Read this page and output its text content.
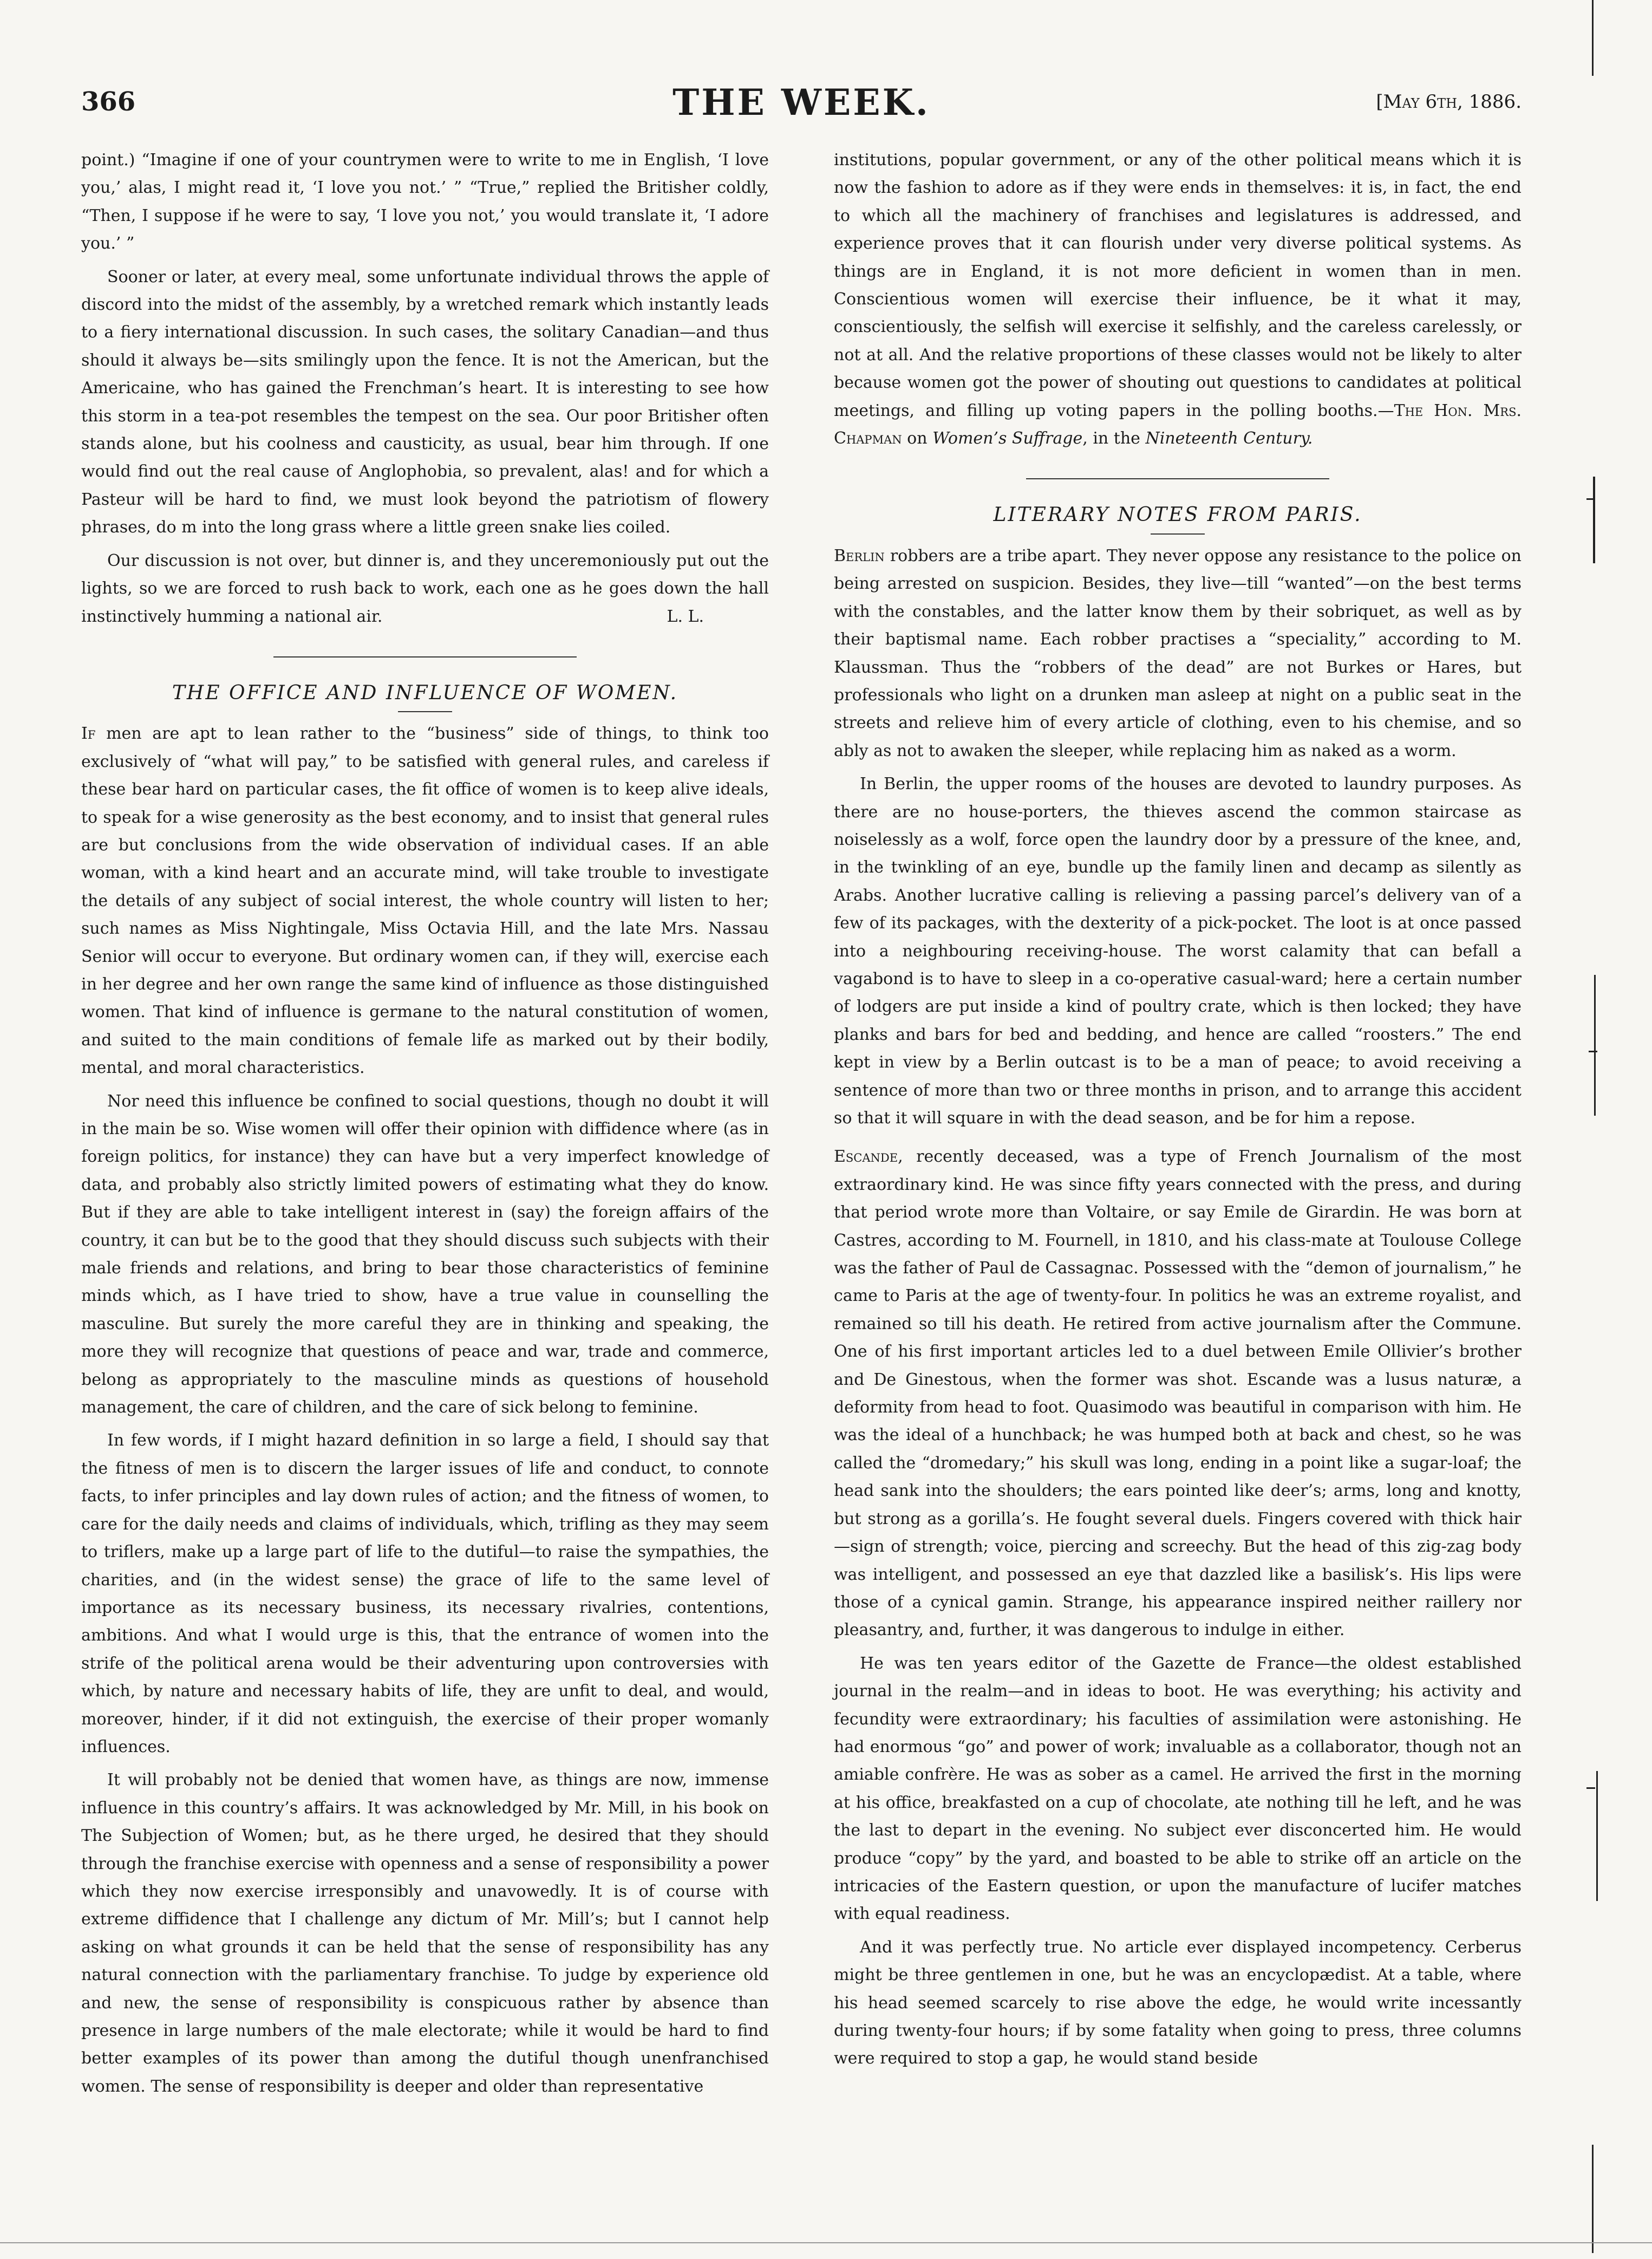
366	THE WEEK.	[May 6th, 1886.

point.) “Imagine if one of your countrymen were to write to me in English, ‘I love you,’ alas, I might read it, ‘I love you not.’ ” “True,” replied the Britisher coldly, “Then, I suppose if he were to say, ‘I love you not,’ you would translate it, ‘I adore you.’ ”

Sooner or later, at every meal, some unfortunate individual throws the apple of discord into the midst of the assembly, by a wretched remark which instantly leads to a fiery international discussion. In such cases, the solitary Canadian—and thus should it always be—sits smilingly upon the fence. It is not the American, but the Americaine, who has gained the Frenchman’s heart. It is interesting to see how this storm in a tea-pot resembles the tempest on the sea. Our poor Britisher often stands alone, but his coolness and causticity, as usual, bear him through. If one would find out the real cause of Anglophobia, so prevalent, alas! and for which a Pasteur will be hard to find, we must look beyond the patriotism of flowery phrases, do m into the long grass where a little green snake lies coiled.

Our discussion is not over, but dinner is, and they unceremoniously put out the lights, so we are forced to rush back to work, each one as he goes down the hall instinctively humming a national air.	L. L.

THE OFFICE AND INFLUENCE OF WOMEN.

If men are apt to lean rather to the “business” side of things, to think too exclusively of “what will pay,” to be satisfied with general rules, and careless if these bear hard on particular cases, the fit office of women is to keep alive ideals, to speak for a wise generosity as the best economy, and to insist that general rules are but conclusions from the wide observation of individual cases. If an able woman, with a kind heart and an accurate mind, will take trouble to investigate the details of any subject of social interest, the whole country will listen to her; such names as Miss Nightingale, Miss Octavia Hill, and the late Mrs. Nassau Senior will occur to everyone. But ordinary women can, if they will, exercise each in her degree and her own range the same kind of influence as those distinguished women. That kind of influence is germane to the natural constitution of women, and suited to the main conditions of female life as marked out by their bodily, mental, and moral characteristics.

Nor need this influence be confined to social questions, though no doubt it will in the main be so. Wise women will offer their opinion with diffidence where (as in foreign politics, for instance) they can have but a very imperfect knowledge of data, and probably also strictly limited powers of estimating what they do know. But if they are able to take intelligent interest in (say) the foreign affairs of the country, it can but be to the good that they should discuss such subjects with their male friends and relations, and bring to bear those characteristics of feminine minds which, as I have tried to show, have a true value in counselling the masculine. But surely the more careful they are in thinking and speaking, the more they will recognize that questions of peace and war, trade and commerce, belong as appropriately to the masculine minds as questions of household management, the care of children, and the care of sick belong to feminine.

In few words, if I might hazard definition in so large a field, I should say that the fitness of men is to discern the larger issues of life and conduct, to connote facts, to infer principles and lay down rules of action; and the fitness of women, to care for the daily needs and claims of individuals, which, trifling as they may seem to triflers, make up a large part of life to the dutiful—to raise the sympathies, the charities, and (in the widest sense) the grace of life to the same level of importance as its necessary business, its necessary rivalries, contentions, ambitions. And what I would urge is this, that the entrance of women into the strife of the political arena would be their adventuring upon controversies with which, by nature and necessary habits of life, they are unfit to deal, and would, moreover, hinder, if it did not extinguish, the exercise of their proper womanly influences.

It will probably not be denied that women have, as things are now, immense influence in this country’s affairs. It was acknowledged by Mr. Mill, in his book on The Subjection of Women; but, as he there urged, he desired that they should through the franchise exercise with openness and a sense of responsibility a power which they now exercise irresponsibly and unavowedly. It is of course with extreme diffidence that I challenge any dictum of Mr. Mill’s; but I cannot help asking on what grounds it can be held that the sense of responsibility has any natural connection with the parliamentary franchise. To judge by experience old and new, the sense of responsibility is conspicuous rather by absence than presence in large numbers of the male electorate; while it would be hard to find better examples of its power than among the dutiful though unenfranchised women. The sense of responsibility is deeper and older than representative

institutions, popular government, or any of the other political means which it is now the fashion to adore as if they were ends in themselves: it is, in fact, the end to which all the machinery of franchises and legislatures is addressed, and experience proves that it can flourish under very diverse political systems. As things are in England, it is not more deficient in women than in men. Conscientious women will exercise their influence, be it what it may, conscientiously, the selfish will exercise it selfishly, and the careless carelessly, or not at all. And the relative proportions of these classes would not be likely to alter because women got the power of shouting out questions to candidates at political meetings, and filling up voting papers in the polling booths.—The Hon. Mrs. Chapman on Women’s Suffrage, in the Nineteenth Century.

LITERARY NOTES FROM PARIS.

Berlin robbers are a tribe apart. They never oppose any resistance to the police on being arrested on suspicion. Besides, they live—till “wanted”—on the best terms with the constables, and the latter know them by their sobriquet, as well as by their baptismal name. Each robber practises a “speciality,” according to M. Klaussman. Thus the “robbers of the dead” are not Burkes or Hares, but professionals who light on a drunken man asleep at night on a public seat in the streets and relieve him of every article of clothing, even to his chemise, and so ably as not to awaken the sleeper, while replacing him as naked as a worm.

In Berlin, the upper rooms of the houses are devoted to laundry purposes. As there are no house-porters, the thieves ascend the common staircase as noiselessly as a wolf, force open the laundry door by a pressure of the knee, and, in the twinkling of an eye, bundle up the family linen and decamp as silently as Arabs. Another lucrative calling is relieving a passing parcel’s delivery van of a few of its packages, with the dexterity of a pick-pocket. The loot is at once passed into a neighbouring receiving-house. The worst calamity that can befall a vagabond is to have to sleep in a co-operative casual-ward; here a certain number of lodgers are put inside a kind of poultry crate, which is then locked; they have planks and bars for bed and bedding, and hence are called “roosters.” The end kept in view by a Berlin outcast is to be a man of peace; to avoid receiving a sentence of more than two or three months in prison, and to arrange this accident so that it will square in with the dead season, and be for him a repose.

Escande, recently deceased, was a type of French Journalism of the most extraordinary kind. He was since fifty years connected with the press, and during that period wrote more than Voltaire, or say Emile de Girardin. He was born at Castres, according to M. Fournell, in 1810, and his class-mate at Toulouse College was the father of Paul de Cassagnac. Possessed with the “demon of journalism,” he came to Paris at the age of twenty-four. In politics he was an extreme royalist, and remained so till his death. He retired from active journalism after the Commune. One of his first important articles led to a duel between Emile Ollivier’s brother and De Ginestous, when the former was shot. Escande was a lusus naturæ, a deformity from head to foot. Quasimodo was beautiful in comparison with him. He was the ideal of a hunchback; he was humped both at back and chest, so he was called the “dromedary;” his skull was long, ending in a point like a sugar-loaf; the head sank into the shoulders; the ears pointed like deer’s; arms, long and knotty, but strong as a gorilla’s. He fought several duels. Fingers covered with thick hair—sign of strength; voice, piercing and screechy. But the head of this zig-zag body was intelligent, and possessed an eye that dazzled like a basilisk’s. His lips were those of a cynical gamin. Strange, his appearance inspired neither raillery nor pleasantry, and, further, it was dangerous to indulge in either.

He was ten years editor of the Gazette de France—the oldest established journal in the realm—and in ideas to boot. He was everything; his activity and fecundity were extraordinary; his faculties of assimilation were astonishing. He had enormous “go” and power of work; invaluable as a collaborator, though not an amiable confrère. He was as sober as a camel. He arrived the first in the morning at his office, breakfasted on a cup of chocolate, ate nothing till he left, and he was the last to depart in the evening. No subject ever disconcerted him. He would produce “copy” by the yard, and boasted to be able to strike off an article on the intricacies of the Eastern question, or upon the manufacture of lucifer matches with equal readiness.

And it was perfectly true. No article ever displayed incompetency. Cerberus might be three gentlemen in one, but he was an encyclopædist. At a table, where his head seemed scarcely to rise above the edge, he would write incessantly during twenty-four hours; if by some fatality when going to press, three columns were required to stop a gap, he would stand beside
